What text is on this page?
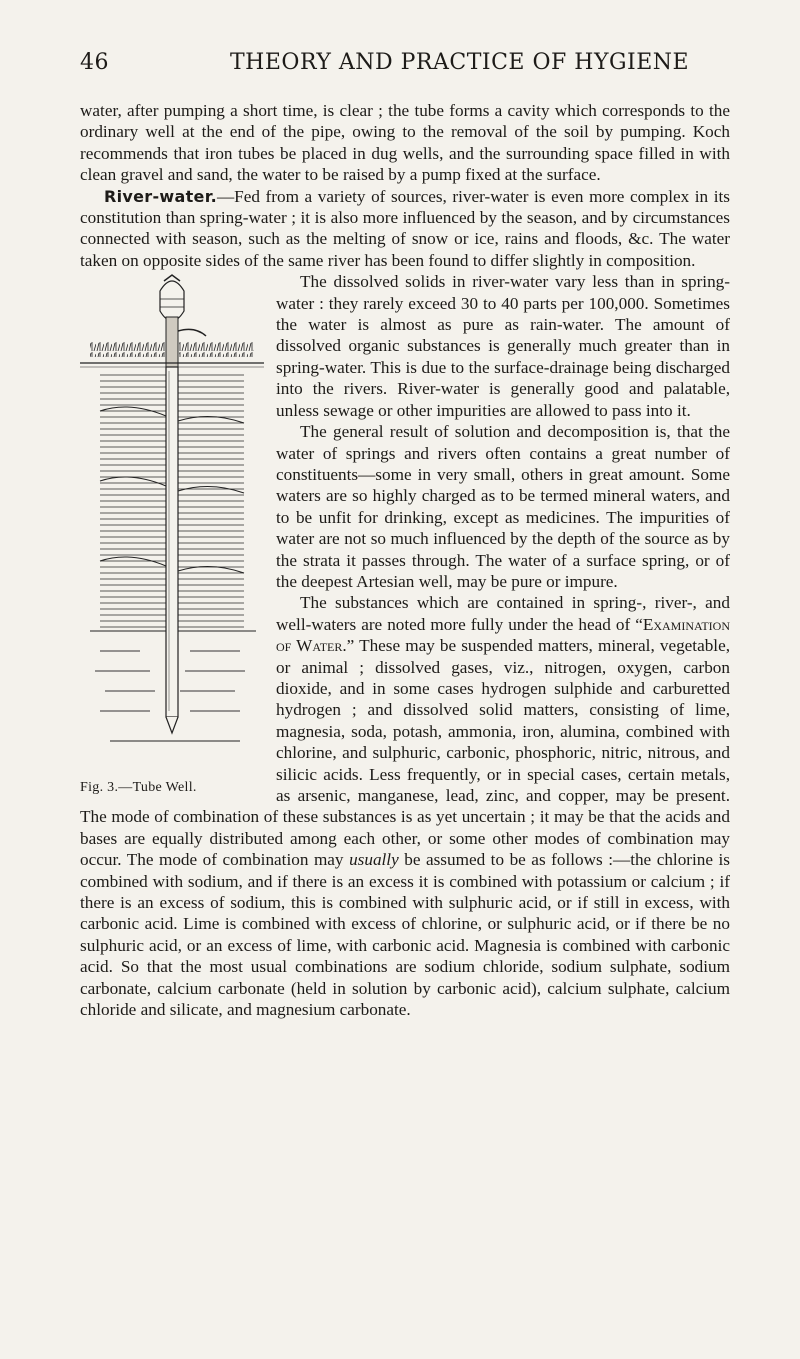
46	THEORY AND PRACTICE OF HYGIENE

water, after pumping a short time, is clear ; the tube forms a cavity which corresponds to the ordinary well at the end of the pipe, owing to the removal of the soil by pumping. Koch recommends that iron tubes be placed in dug wells, and the surrounding space filled in with clean gravel and sand, the water to be raised by a pump fixed at the surface.

River-water.—Fed from a variety of sources, river-water is even more complex in its constitution than spring-water ; it is also more influenced by the season, and by circumstances connected with season, such as the melting of snow or ice, rains and floods, &c. The water taken on opposite sides of the same river has been found to differ slightly in composition.

Fig. 3.—Tube Well.

The dissolved solids in river-water vary less than in spring-water : they rarely exceed 30 to 40 parts per 100,000. Sometimes the water is almost as pure as rain-water. The amount of dissolved organic substances is generally much greater than in spring-water. This is due to the surface-drainage being discharged into the rivers. River-water is generally good and palatable, unless sewage or other impurities are allowed to pass into it.

The general result of solution and decomposition is, that the water of springs and rivers often contains a great number of constituents—some in very small, others in great amount. Some waters are so highly charged as to be termed mineral waters, and to be unfit for drinking, except as medicines. The impurities of water are not so much influenced by the depth of the source as by the strata it passes through. The water of a surface spring, or of the deepest Artesian well, may be pure or impure.

The substances which are contained in spring-, river-, and well-waters are noted more fully under the head of “Examination of Water.” These may be suspended matters, mineral, vegetable, or animal ; dissolved gases, viz., nitrogen, oxygen, carbon dioxide, and in some cases hydrogen sulphide and carburetted hydrogen ; and dissolved solid matters, consisting of lime, magnesia, soda, potash, ammonia, iron, alumina, combined with chlorine, and sulphuric, carbonic, phosphoric, nitric, nitrous, and silicic acids. Less frequently, or in special cases, certain metals, as arsenic, manganese, lead, zinc, and copper, may be present. The mode of combination of these substances is as yet uncertain ; it may be that the acids and bases are equally distributed among each other, or some other modes of combination may occur. The mode of combination may usually be assumed to be as follows :—the chlorine is combined with sodium, and if there is an excess it is combined with potassium or calcium ; if there is an excess of sodium, this is combined with sulphuric acid, or if still in excess, with carbonic acid. Lime is combined with excess of chlorine, or sulphuric acid, or if there be no sulphuric acid, or an excess of lime, with carbonic acid. Magnesia is combined with carbonic acid. So that the most usual combinations are sodium chloride, sodium sulphate, sodium carbonate, calcium carbonate (held in solution by carbonic acid), calcium sulphate, calcium chloride and silicate, and magnesium carbonate.
